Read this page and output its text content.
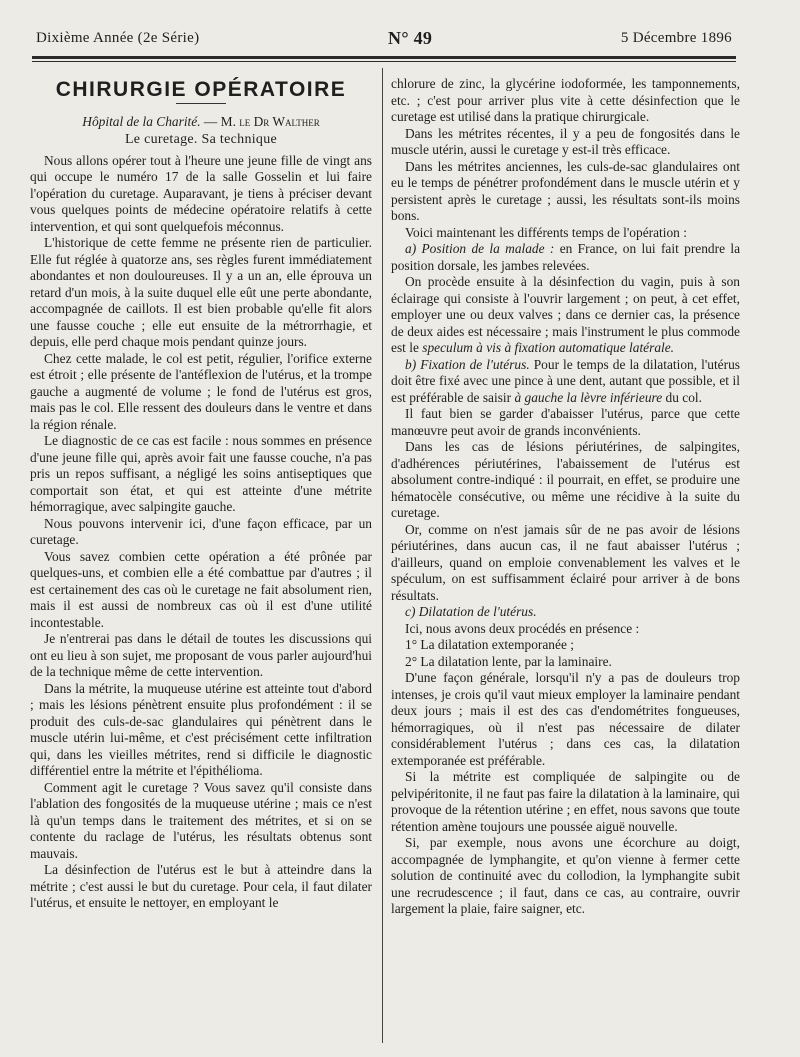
Dixième Année (2e Série)	N° 49	5 Décembre 1896
CHIRURGIE OPÉRATOIRE
Hôpital de la Charité. — M. le Dr Walther
Le curetage. Sa technique

Nous allons opérer tout à l'heure une jeune fille de vingt ans qui occupe le numéro 17 de la salle Gosselin et lui faire l'opération du curetage. Auparavant, je tiens à préciser devant vous quelques points de médecine opératoire relatifs à cette intervention, et qui sont quelquefois méconnus.

L'historique de cette femme ne présente rien de particulier. Elle fut réglée à quatorze ans, ses règles furent immédiatement abondantes et non douloureuses. Il y a un an, elle éprouva un retard d'un mois, à la suite duquel elle eût une perte abondante, accompagnée de caillots. Il est bien probable qu'elle fit alors une fausse couche ; elle eut ensuite de la métrorrhagie, et depuis, elle perd chaque mois pendant quinze jours.

Chez cette malade, le col est petit, régulier, l'orifice externe est étroit ; elle présente de l'antéflexion de l'utérus, et la trompe gauche a augmenté de volume ; le fond de l'utérus est gros, mais pas le col. Elle ressent des douleurs dans le ventre et dans la région rénale.

Le diagnostic de ce cas est facile : nous sommes en présence d'une jeune fille qui, après avoir fait une fausse couche, n'a pas pris un repos suffisant, a négligé les soins antiseptiques que comportait son état, et qui est atteinte d'une métrite hémorragique, avec salpingite gauche.

Nous pouvons intervenir ici, d'une façon efficace, par un curetage.

Vous savez combien cette opération a été prônée par quelques-uns, et combien elle a été combattue par d'autres ; il est certainement des cas où le curetage ne fait absolument rien, mais il est aussi de nombreux cas où il est d'une utilité incontestable.

Je n'entrerai pas dans le détail de toutes les discussions qui ont eu lieu à son sujet, me proposant de vous parler aujourd'hui de la technique même de cette intervention.

Dans la métrite, la muqueuse utérine est atteinte tout d'abord ; mais les lésions pénètrent ensuite plus profondément : il se produit des culs-de-sac glandulaires qui pénètrent dans le muscle utérin lui-même, et c'est précisément cette infiltration qui, dans les vieilles métrites, rend si difficile le diagnostic différentiel entre la métrite et l'épithélioma.

Comment agit le curetage ? Vous savez qu'il consiste dans l'ablation des fongosités de la muqueuse utérine ; mais ce n'est là qu'un temps dans le traitement des métrites, et si on se contente du raclage de l'utérus, les résultats obtenus sont mauvais.

La désinfection de l'utérus est le but à atteindre dans la métrite ; c'est aussi le but du curetage. Pour cela, il faut dilater l'utérus, et ensuite le nettoyer, en employant le

chlorure de zinc, la glycérine iodoformée, les tamponnements, etc. ; c'est pour arriver plus vite à cette désinfection que le curetage est utilisé dans la pratique chirurgicale.

Dans les métrites récentes, il y a peu de fongosités dans le muscle utérin, aussi le curetage y est-il très efficace.

Dans les métrites anciennes, les culs-de-sac glandulaires ont eu le temps de pénétrer profondément dans le muscle utérin et y persistent après le curetage ; aussi, les résultats sont-ils moins bons.

Voici maintenant les différents temps de l'opération :

a) Position de la malade : en France, on lui fait prendre la position dorsale, les jambes relevées.

On procède ensuite à la désinfection du vagin, puis à son éclairage qui consiste à l'ouvrir largement ; on peut, à cet effet, employer une ou deux valves ; dans ce dernier cas, la présence de deux aides est nécessaire ; mais l'instrument le plus commode est le speculum à vis à fixation automatique latérale.

b) Fixation de l'utérus. Pour le temps de la dilatation, l'utérus doit être fixé avec une pince à une dent, autant que possible, et il est préférable de saisir à gauche la lèvre inférieure du col.

Il faut bien se garder d'abaisser l'utérus, parce que cette manœuvre peut avoir de grands inconvénients.

Dans les cas de lésions périutérines, de salpingites, d'adhérences périutérines, l'abaissement de l'utérus est absolument contre-indiqué : il pourrait, en effet, se produire une hématocèle consécutive, ou même une récidive à la suite du curetage.

Or, comme on n'est jamais sûr de ne pas avoir de lésions périutérines, dans aucun cas, il ne faut abaisser l'utérus ; d'ailleurs, quand on emploie convenablement les valves et le spéculum, on est suffisamment éclairé pour arriver à de bons résultats.

c) Dilatation de l'utérus.

Ici, nous avons deux procédés en présence :

1° La dilatation extemporanée ;

2° La dilatation lente, par la laminaire.

D'une façon générale, lorsqu'il n'y a pas de douleurs trop intenses, je crois qu'il vaut mieux employer la laminaire pendant deux jours ; mais il est des cas d'endométrites fongueuses, hémorragiques, où il n'est pas nécessaire de dilater considérablement l'utérus ; dans ces cas, la dilatation extemporanée est préférable.

Si la métrite est compliquée de salpingite ou de pelvipéritonite, il ne faut pas faire la dilatation à la laminaire, qui provoque de la rétention utérine ; en effet, nous savons que toute rétention amène toujours une poussée aiguë nouvelle.

Si, par exemple, nous avons une écorchure au doigt, accompagnée de lymphangite, et qu'on vienne à fermer cette solution de continuité avec du collodion, la lymphangite subit une recrudescence ; il faut, dans ce cas, au contraire, ouvrir largement la plaie, faire saigner, etc.
